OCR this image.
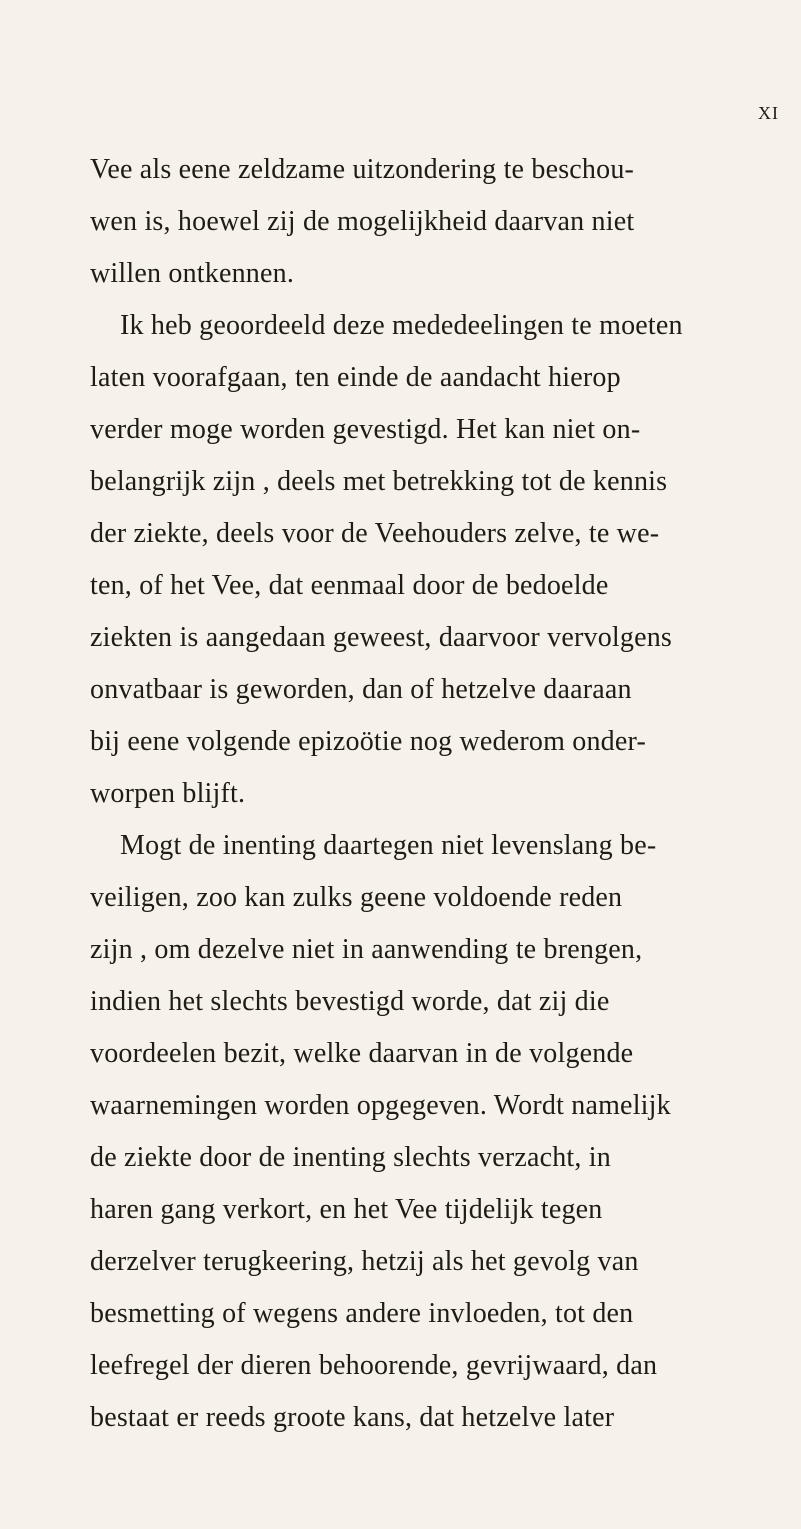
XI
Vee als eene zeldzame uitzondering te beschou-
wen is, hoewel zij de mogelijkheid daarvan niet
willen ontkennen.
Ik heb geoordeeld deze mededeelingen te moeten
laten voorafgaan, ten einde de aandacht hierop
verder moge worden gevestigd. Het kan niet on-
belangrijk zijn , deels met betrekking tot de kennis
der ziekte, deels voor de Veehouders zelve, te we-
ten, of het Vee, dat eenmaal door de bedoelde
ziekten is aangedaan geweest, daarvoor vervolgens
onvatbaar is geworden, dan of hetzelve daaraan
bij eene volgende epizoötie nog wederom onder-
worpen blijft.
Mogt de inenting daartegen niet levenslang be-
veiligen, zoo kan zulks geene voldoende reden
zijn , om dezelve niet in aanwending te brengen,
indien het slechts bevestigd worde, dat zij die
voordeelen bezit, welke daarvan in de volgende
waarnemingen worden opgegeven. Wordt namelijk
de ziekte door de inenting slechts verzacht, in
haren gang verkort, en het Vee tijdelijk tegen
derzelver terugkeering, hetzij als het gevolg van
besmetting of wegens andere invloeden, tot den
leefregel der dieren behoorende, gevrijwaard, dan
bestaat er reeds groote kans, dat hetzelve later
